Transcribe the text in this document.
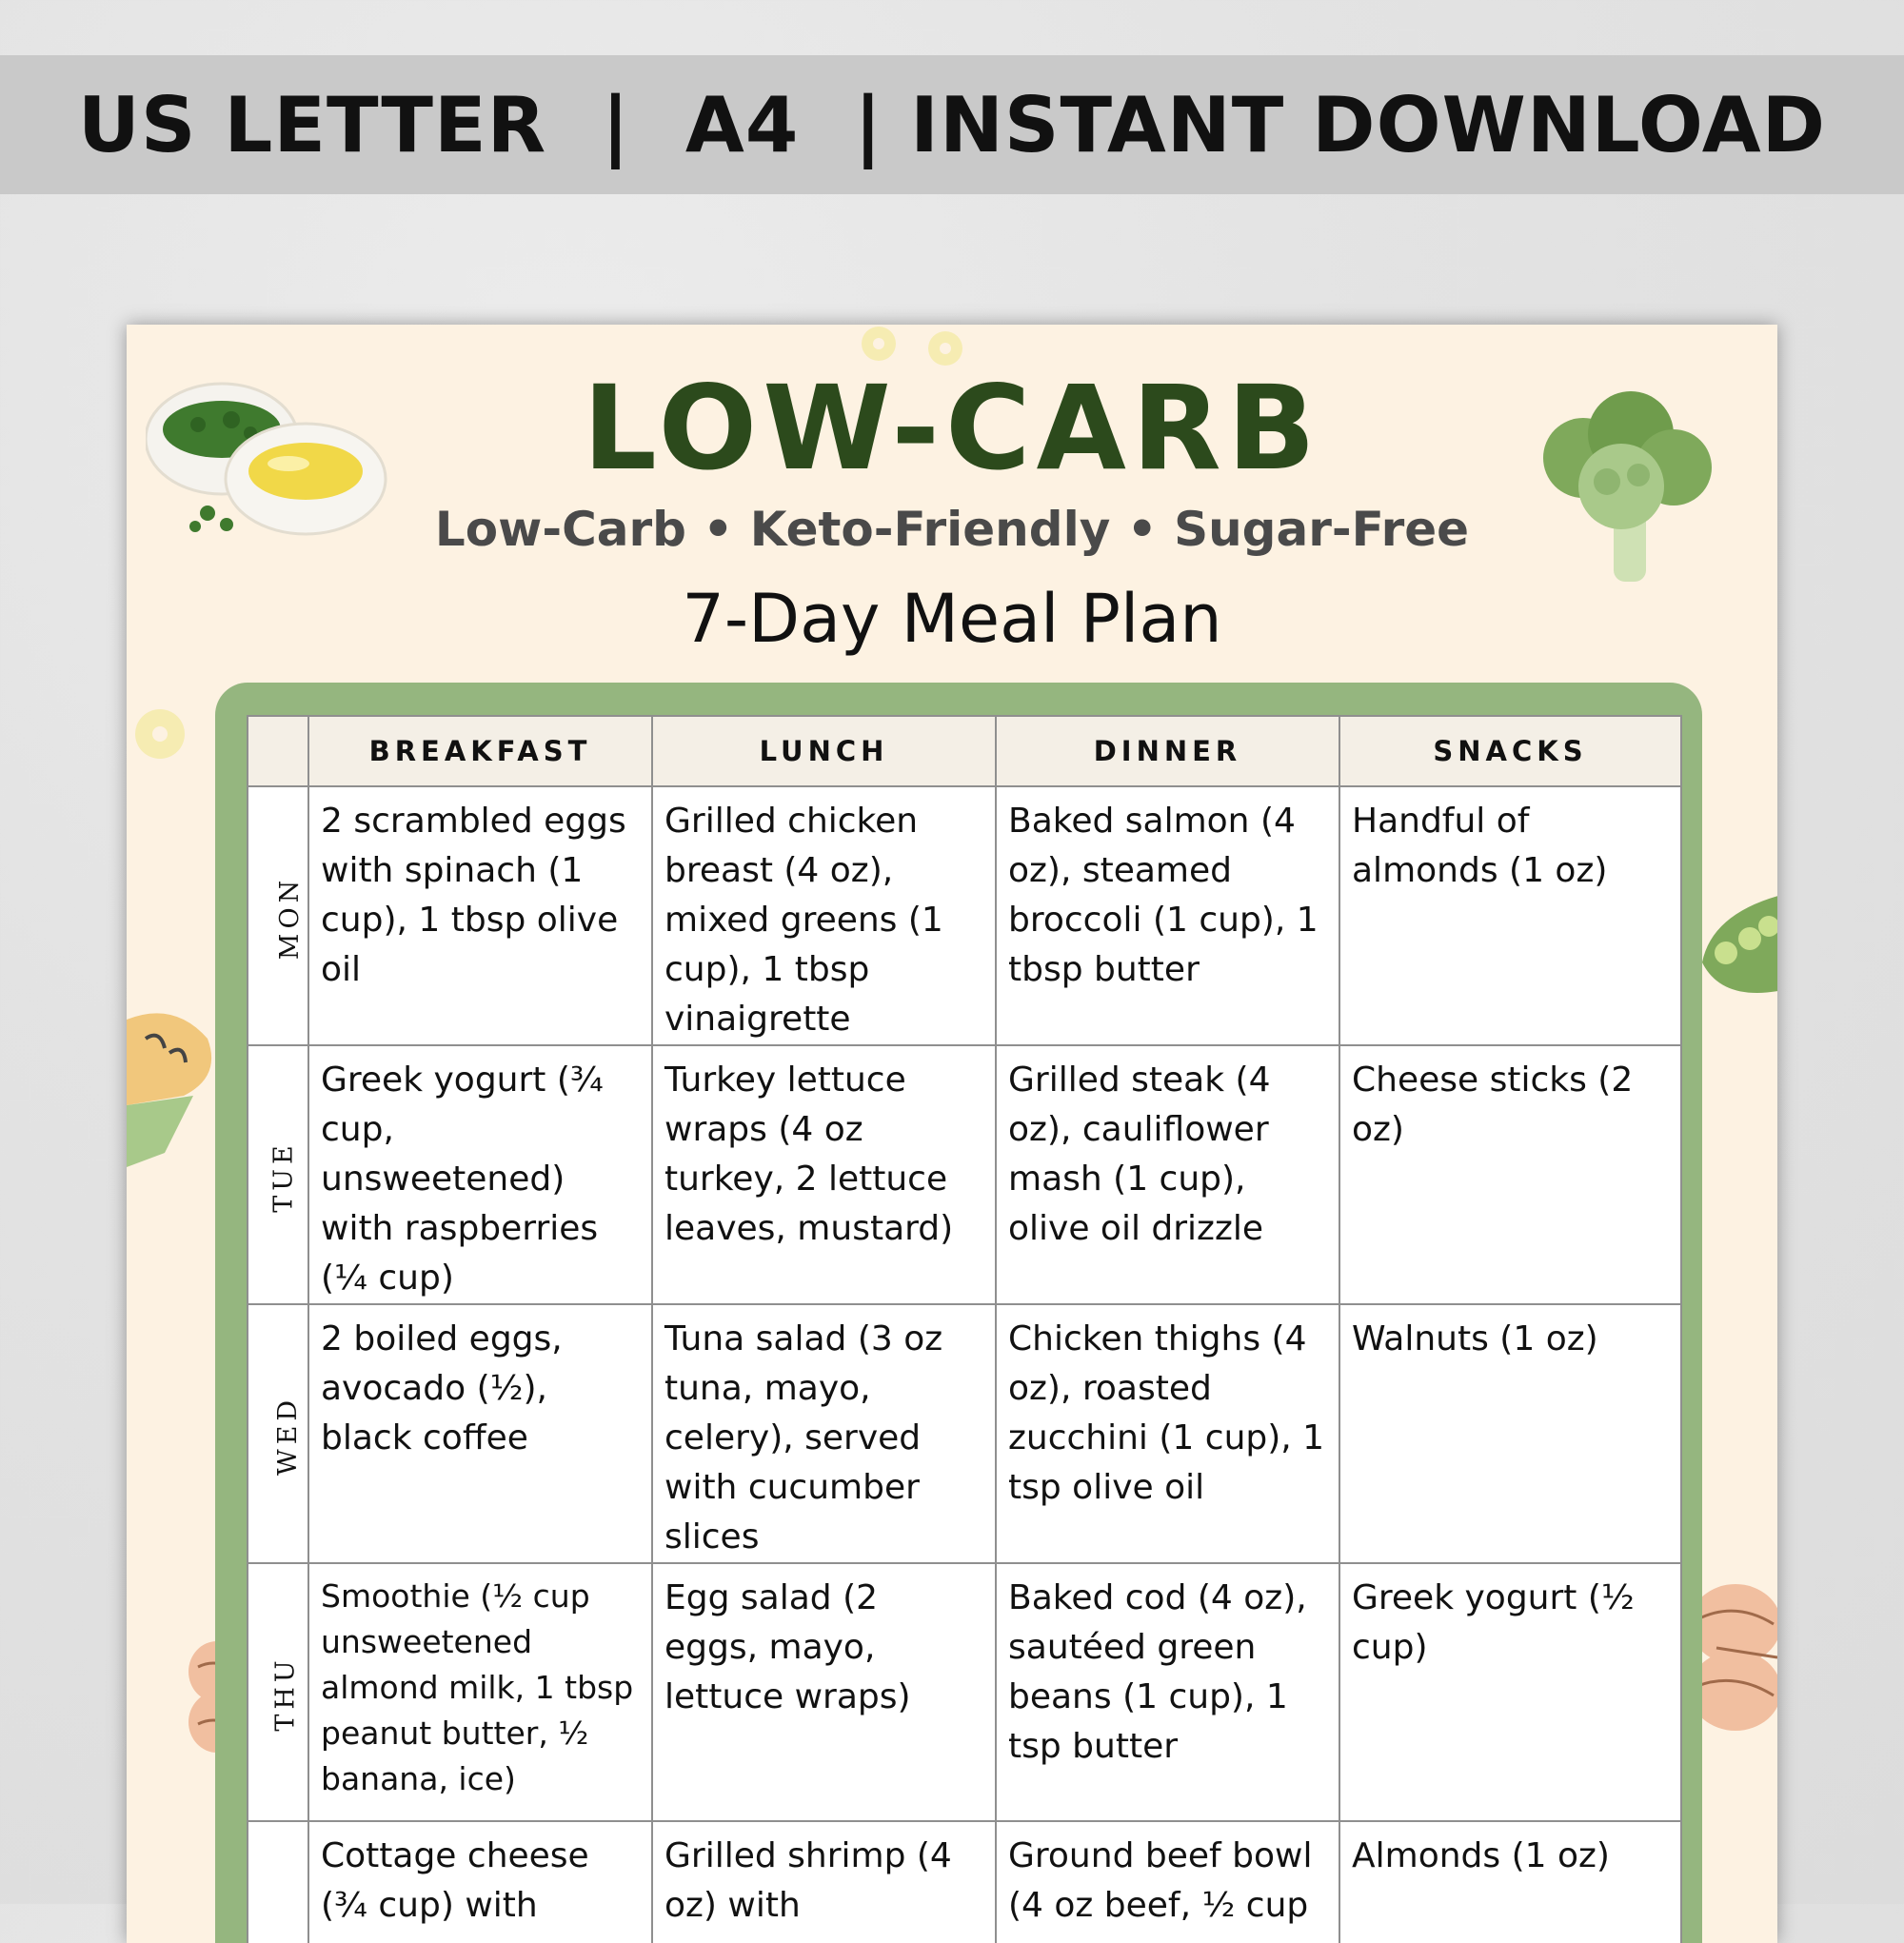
US LETTER  |  A4  | INSTANT DOWNLOAD
LOW-CARB
Low-Carb • Keto-Friendly • Sugar-Free
7-Day Meal Plan
	BREAKFAST	LUNCH	DINNER	SNACKS
MON	2 scrambled eggs with spinach (1 cup), 1 tbsp olive oil	Grilled chicken breast (4 oz), mixed greens (1 cup), 1 tbsp vinaigrette	Baked salmon (4 oz), steamed broccoli (1 cup), 1 tbsp butter	Handful of almonds (1 oz)
TUE	Greek yogurt (¾ cup, unsweetened) with raspberries (¼ cup)	Turkey lettuce wraps (4 oz turkey, 2 lettuce leaves, mustard)	Grilled steak (4 oz), cauliflower mash (1 cup), olive oil drizzle	Cheese sticks (2 oz)
WED	2 boiled eggs, avocado (½), black coffee	Tuna salad (3 oz tuna, mayo, celery), served with cucumber slices	Chicken thighs (4 oz), roasted zucchini (1 cup), 1 tsp olive oil	Walnuts (1 oz)
THU	Smoothie (½ cup unsweetened almond milk, 1 tbsp peanut butter, ½ banana, ice)	Egg salad (2 eggs, mayo, lettuce wraps)	Baked cod (4 oz), sautéed green beans (1 cup), 1 tsp butter	Greek yogurt (½ cup)
	Cottage cheese (¾ cup) with	Grilled shrimp (4 oz) with	Ground beef bowl (4 oz beef, ½ cup	Almonds (1 oz)
